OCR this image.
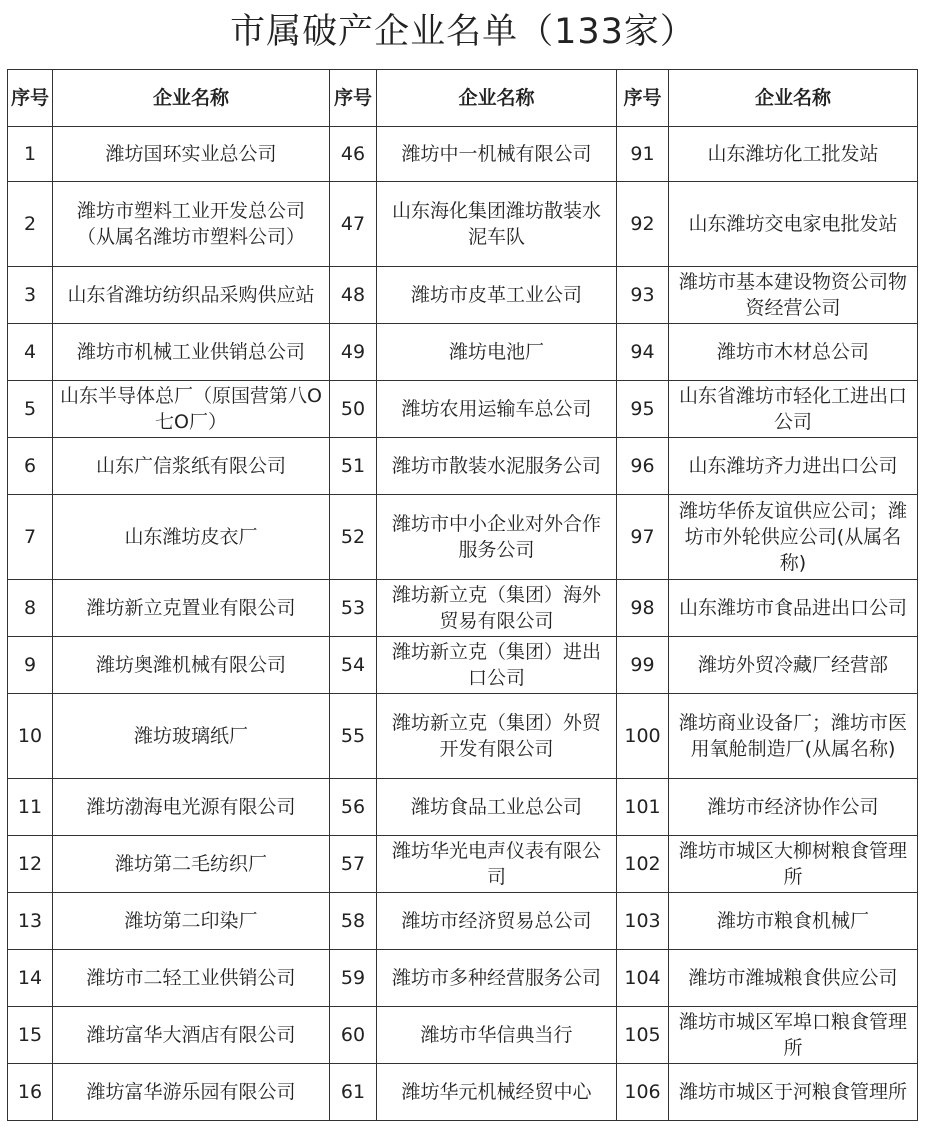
市属破产企业名单（133家）
序号	企业名称	序号	企业名称	序号	企业名称
1	潍坊国环实业总公司	46	潍坊中一机械有限公司	91	山东潍坊化工批发站
2	潍坊市塑料工业开发总公司（从属名潍坊市塑料公司）	47	山东海化集团潍坊散装水泥车队	92	山东潍坊交电家电批发站
3	山东省潍坊纺织品采购供应站	48	潍坊市皮革工业公司	93	潍坊市基本建设物资公司物资经营公司
4	潍坊市机械工业供销总公司	49	潍坊电池厂	94	潍坊市木材总公司
5	山东半导体总厂（原国营第八O七O厂）	50	潍坊农用运输车总公司	95	山东省潍坊市轻化工进出口公司
6	山东广信浆纸有限公司	51	潍坊市散装水泥服务公司	96	山东潍坊齐力进出口公司
7	山东潍坊皮衣厂	52	潍坊市中小企业对外合作服务公司	97	潍坊华侨友谊供应公司；潍坊市外轮供应公司(从属名称)
8	潍坊新立克置业有限公司	53	潍坊新立克（集团）海外贸易有限公司	98	山东潍坊市食品进出口公司
9	潍坊奥潍机械有限公司	54	潍坊新立克（集团）进出口公司	99	潍坊外贸冷藏厂经营部
10	潍坊玻璃纸厂	55	潍坊新立克（集团）外贸开发有限公司	100	潍坊商业设备厂；潍坊市医用氧舱制造厂(从属名称)
11	潍坊渤海电光源有限公司	56	潍坊食品工业总公司	101	潍坊市经济协作公司
12	潍坊第二毛纺织厂	57	潍坊华光电声仪表有限公司	102	潍坊市城区大柳树粮食管理所
13	潍坊第二印染厂	58	潍坊市经济贸易总公司	103	潍坊市粮食机械厂
14	潍坊市二轻工业供销公司	59	潍坊市多种经营服务公司	104	潍坊市潍城粮食供应公司
15	潍坊富华大酒店有限公司	60	潍坊市华信典当行	105	潍坊市城区军埠口粮食管理所
16	潍坊富华游乐园有限公司	61	潍坊华元机械经贸中心	106	潍坊市城区于河粮食管理所
